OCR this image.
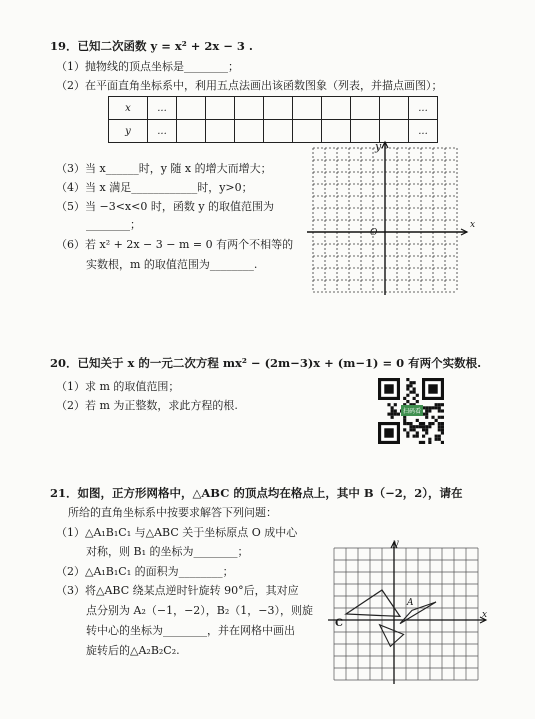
19．已知二次函数 y = x² + 2x − 3 .
（1）抛物线的顶点坐标是________；
（2）在平面直角坐标系中，利用五点法画出该函数图象（列表，并描点画图）；
x	...									...
y	...									...
（3）当 x______时，y 随 x 的增大而增大；
（4）当 x 满足____________时，y>0；
（5）当 −3<x<0 时，函数 y 的取值范围为
________；
（6）若 x² + 2x − 3 − m = 0 有两个不相等的
实数根，m 的取值范围为________.
y
x
O
20．已知关于 x 的一元二次方程 mx² − (2m−3)x + (m−1) = 0 有两个实数根.
（1）求 m 的取值范围；
（2）若 m 为正整数，求此方程的根.	扫码看
21．如图，正方形网格中，△ABC 的顶点均在格点上，其中 B（−2，2），请在
所给的直角坐标系中按要求解答下列问题：
（1）△A₁B₁C₁ 与△ABC 关于坐标原点 O 成中心
对称，则 B₁ 的坐标为________；
（2）△A₁B₁C₁ 的面积为________；
（3）将△ABC 绕某点逆时针旋转 90°后，其对应
点分别为 A₂（−1，−2），B₂（1，−3），则旋
转中心的坐标为________，并在网格中画出
旋转后的△A₂B₂C₂.
y
x
C
A
